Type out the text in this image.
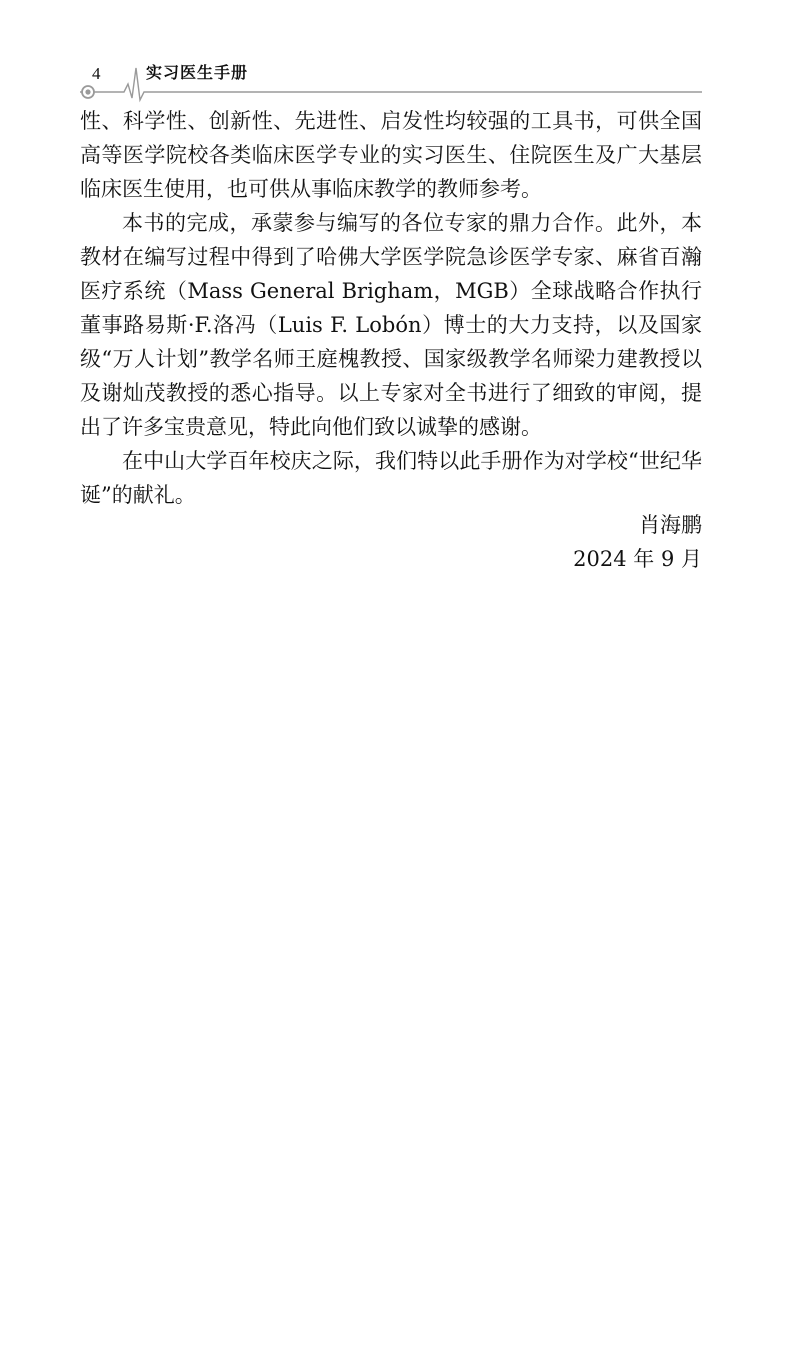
4	实习医生手册

性、科学性、创新性、先进性、启发性均较强的工具书，可供全国高等医学院校各类临床医学专业的实习医生、住院医生及广大基层临床医生使用，也可供从事临床教学的教师参考。

本书的完成，承蒙参与编写的各位专家的鼎力合作。此外，本教材在编写过程中得到了哈佛大学医学院急诊医学专家、麻省百瀚医疗系统（Mass General Brigham，MGB）全球战略合作执行董事路易斯·F.洛冯（Luis F. Lobón）博士的大力支持，以及国家级“万人计划”教学名师王庭槐教授、国家级教学名师梁力建教授以及谢灿茂教授的悉心指导。以上专家对全书进行了细致的审阅，提出了许多宝贵意见，特此向他们致以诚挚的感谢。

在中山大学百年校庆之际，我们特以此手册作为对学校“世纪华诞”的献礼。

肖海鹏
2024 年 9 月
